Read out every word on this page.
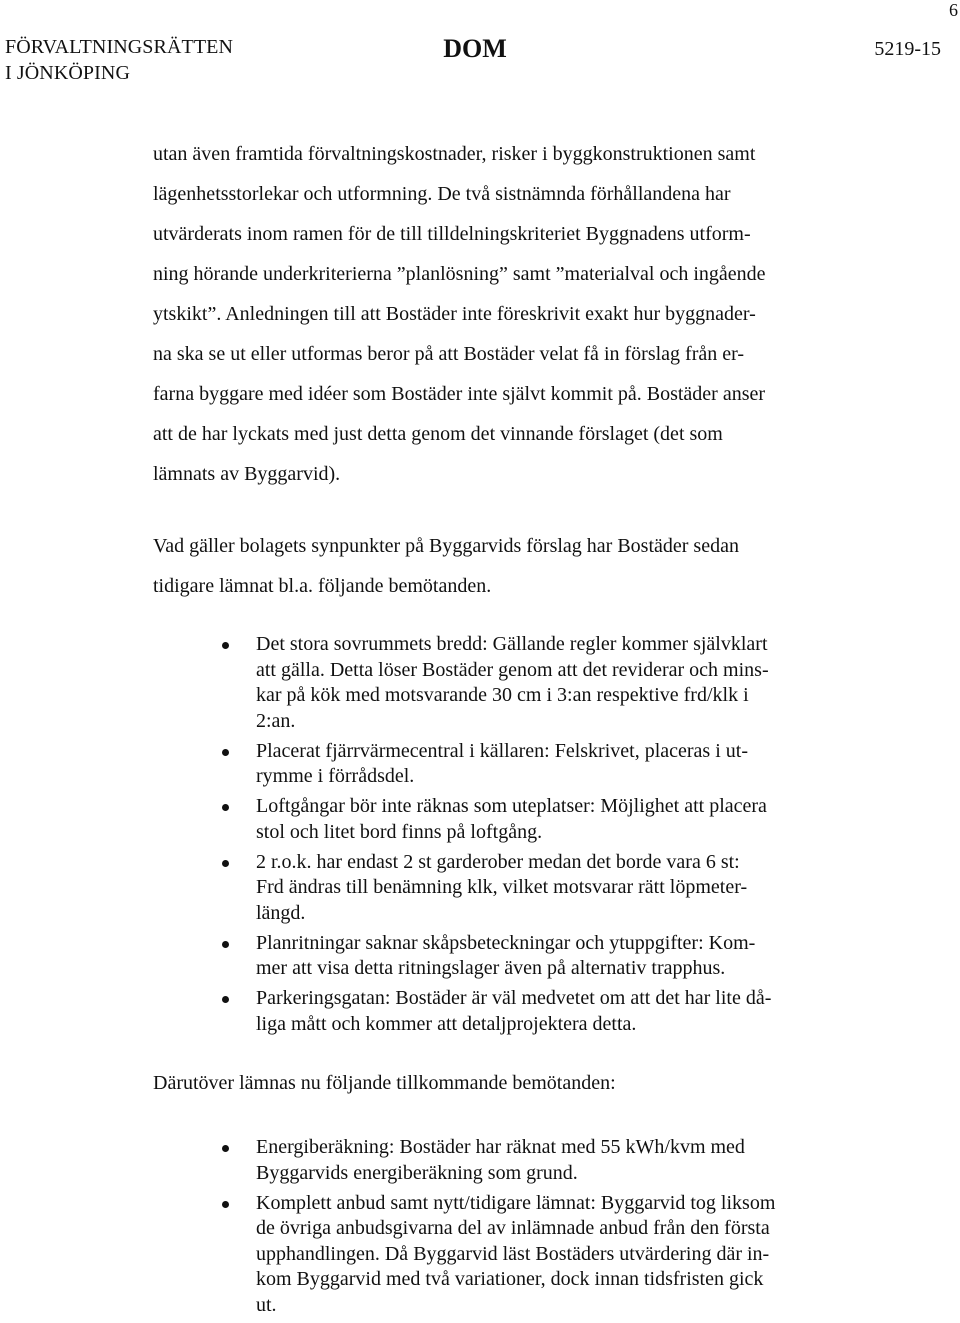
6
FÖRVALTNINGSRÄTTEN
I JÖNKÖPING
DOM	5219-15

utan även framtida förvaltningskostnader, risker i byggkonstruktionen samt
lägenhetsstorlekar och utformning. De två sistnämnda förhållandena har
utvärderats inom ramen för de till tilldelningskriteriet Byggnadens utform-
ning hörande underkriterierna ”planlösning” samt ”materialval och ingående
ytskikt”. Anledningen till att Bostäder inte föreskrivit exakt hur byggnader-
na ska se ut eller utformas beror på att Bostäder velat få in förslag från er-
farna byggare med idéer som Bostäder inte självt kommit på. Bostäder anser
att de har lyckats med just detta genom det vinnande förslaget (det som
lämnats av Byggarvid).

Vad gäller bolagets synpunkter på Byggarvids förslag har Bostäder sedan
tidigare lämnat bl.a. följande bemötanden.

Det stora sovrummets bredd: Gällande regler kommer självklart
att gälla. Detta löser Bostäder genom att det reviderar och mins-
kar på kök med motsvarande 30 cm i 3:an respektive frd/klk i
2:an.
Placerat fjärrvärmecentral i källaren: Felskrivet, placeras i ut-
rymme i förrådsdel.
Loftgångar bör inte räknas som uteplatser: Möjlighet att placera
stol och litet bord finns på loftgång.
2 r.o.k. har endast 2 st garderober medan det borde vara 6 st:
Frd ändras till benämning klk, vilket motsvarar rätt löpmeter-
längd.
Planritningar saknar skåpsbeteckningar och ytuppgifter: Kom-
mer att visa detta ritningslager även på alternativ trapphus.
Parkeringsgatan: Bostäder är väl medvetet om att det har lite då-
liga mått och kommer att detaljprojektera detta.

Därutöver lämnas nu följande tillkommande bemötanden:

Energiberäkning: Bostäder har räknat med 55 kWh/kvm med
Byggarvids energiberäkning som grund.
Komplett anbud samt nytt/tidigare lämnat: Byggarvid tog liksom
de övriga anbudsgivarna del av inlämnade anbud från den första
upphandlingen. Då Byggarvid läst Bostäders utvärdering där in-
kom Byggarvid med två variationer, dock innan tidsfristen gick
ut.
